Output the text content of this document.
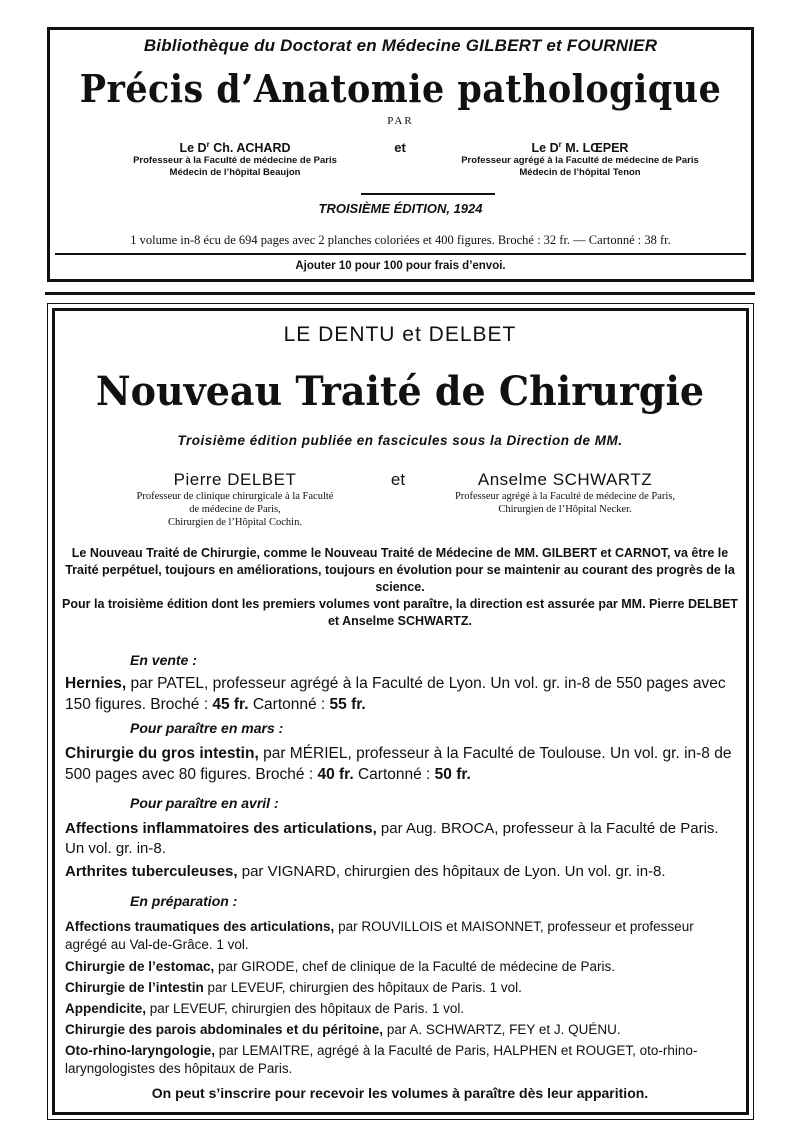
Bibliothèque du Doctorat en Médecine GILBERT et FOURNIER
Précis d’Anatomie pathologique
PAR
Le $D^r$ Ch. ACHARD
Professeur à la Faculté de médecine de Paris
Médecin de l’hôpital Beaujon
et	Le $D^r$ M. LŒPER
Professeur agrégé à la Faculté de médecine de Paris
Médecin de l’hôpital Tenon
TROISIÈME ÉDITION, 1924
1 volume in-8 écu de 694 pages avec 2 planches coloriées et 400 figures. Broché : 32 fr. — Cartonné : 38 fr.
Ajouter 10 pour 100 pour frais d’envoi.
LE DENTU et DELBET
Nouveau Traité de Chirurgie
Troisième édition publiée en fascicules sous la Direction de MM.
Pierre DELBET
Professeur de clinique chirurgicale à la Faculté
de médecine de Paris,
Chirurgien de l’Hôpital Cochin.
et	Anselme SCHWARTZ
Professeur agrégé à la Faculté de médecine de Paris,
Chirurgien de l’Hôpital Necker.
Le Nouveau Traité de Chirurgie, comme le Nouveau Traité de Médecine de MM. GILBERT et CARNOT, va être le Traité perpétuel, toujours en améliorations, toujours en évolution pour se maintenir au courant des progrès de la science.
Pour la troisième édition dont les premiers volumes vont paraître, la direction est assurée par MM. Pierre DELBET et Anselme SCHWARTZ.
En vente :
Hernies, par PATEL, professeur agrégé à la Faculté de Lyon. Un vol. gr. in-8 de 550 pages avec 150 figures. Broché : 45 fr. Cartonné : 55 fr.
Pour paraître en mars :
Chirurgie du gros intestin, par MÉRIEL, professeur à la Faculté de Toulouse. Un vol. gr. in-8 de 500 pages avec 80 figures. Broché : 40 fr. Cartonné : 50 fr.
Pour paraître en avril :
Affections inflammatoires des articulations, par Aug. BROCA, professeur à la Faculté de Paris. Un vol. gr. in-8.
Arthrites tuberculeuses, par VIGNARD, chirurgien des hôpitaux de Lyon. Un vol. gr. in-8.
En préparation :
Affections traumatiques des articulations, par ROUVILLOIS et MAISONNET, professeur et professeur agrégé au Val-de-Grâce. 1 vol.
Chirurgie de l’estomac, par GIRODE, chef de clinique de la Faculté de médecine de Paris.
Chirurgie de l’intestin par LEVEUF, chirurgien des hôpitaux de Paris. 1 vol.
Appendicite, par LEVEUF, chirurgien des hôpitaux de Paris. 1 vol.
Chirurgie des parois abdominales et du péritoine, par A. SCHWARTZ, FEY et J. QUÉNU.
Oto-rhino-laryngologie, par LEMAITRE, agrégé à la Faculté de Paris, HALPHEN et ROUGET, oto-rhino-laryngologistes des hôpitaux de Paris.
On peut s’inscrire pour recevoir les volumes à paraître dès leur apparition.
